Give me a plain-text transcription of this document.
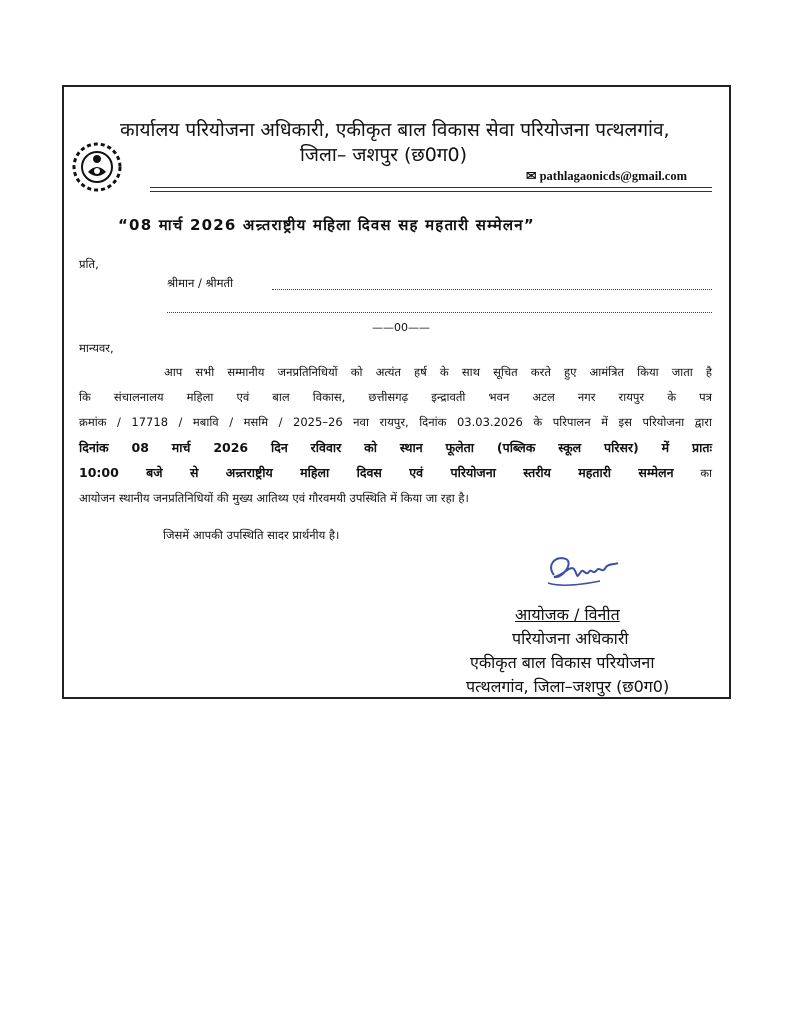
कार्यालय परियोजना अधिकारी, एकीकृत बाल विकास सेवा परियोजना पत्थलगांव,
जिला– जशपुर (छ0ग0)
✉ pathlagaonicds@gmail.com
“08 मार्च 2026 अन्र्तराष्ट्रीय महिला दिवस सह महतारी सम्मेलन”
प्रति,
श्रीमान / श्रीमती
——00——
मान्यवर,
आप सभी सम्मानीय जनप्रतिनिधियों को अत्यंत हर्ष के साथ सूचित करते हुए आमंत्रित किया जाता है
कि संचालनालय महिला एवं बाल विकास, छत्तीसगढ़ इन्द्रावती भवन अटल नगर रायपुर के पत्र
क्रमांक / 17718 / मबावि / मसमि / 2025–26 नवा रायपुर, दिनांक 03.03.2026 के परिपालन में इस परियोजना द्वारा
दिनांक 08 मार्च 2026 दिन रविवार को स्थान फूलेता (पब्लिक स्कूल परिसर) में प्रातः
10:00 बजे से अन्र्तराष्ट्रीय महिला दिवस एवं परियोजना स्तरीय महतारी सम्मेलन का
आयोजन स्थानीय जनप्रतिनिधियों की मुख्य आतिथ्य एवं गौरवमयी उपस्थिति में किया जा रहा है।
जिसमें आपकी उपस्थिति सादर प्रार्थनीय है।
आयोजक / विनीत
परियोजना अधिकारी
एकीकृत बाल विकास परियोजना
पत्थलगांव, जिला–जशपुर (छ0ग0)
